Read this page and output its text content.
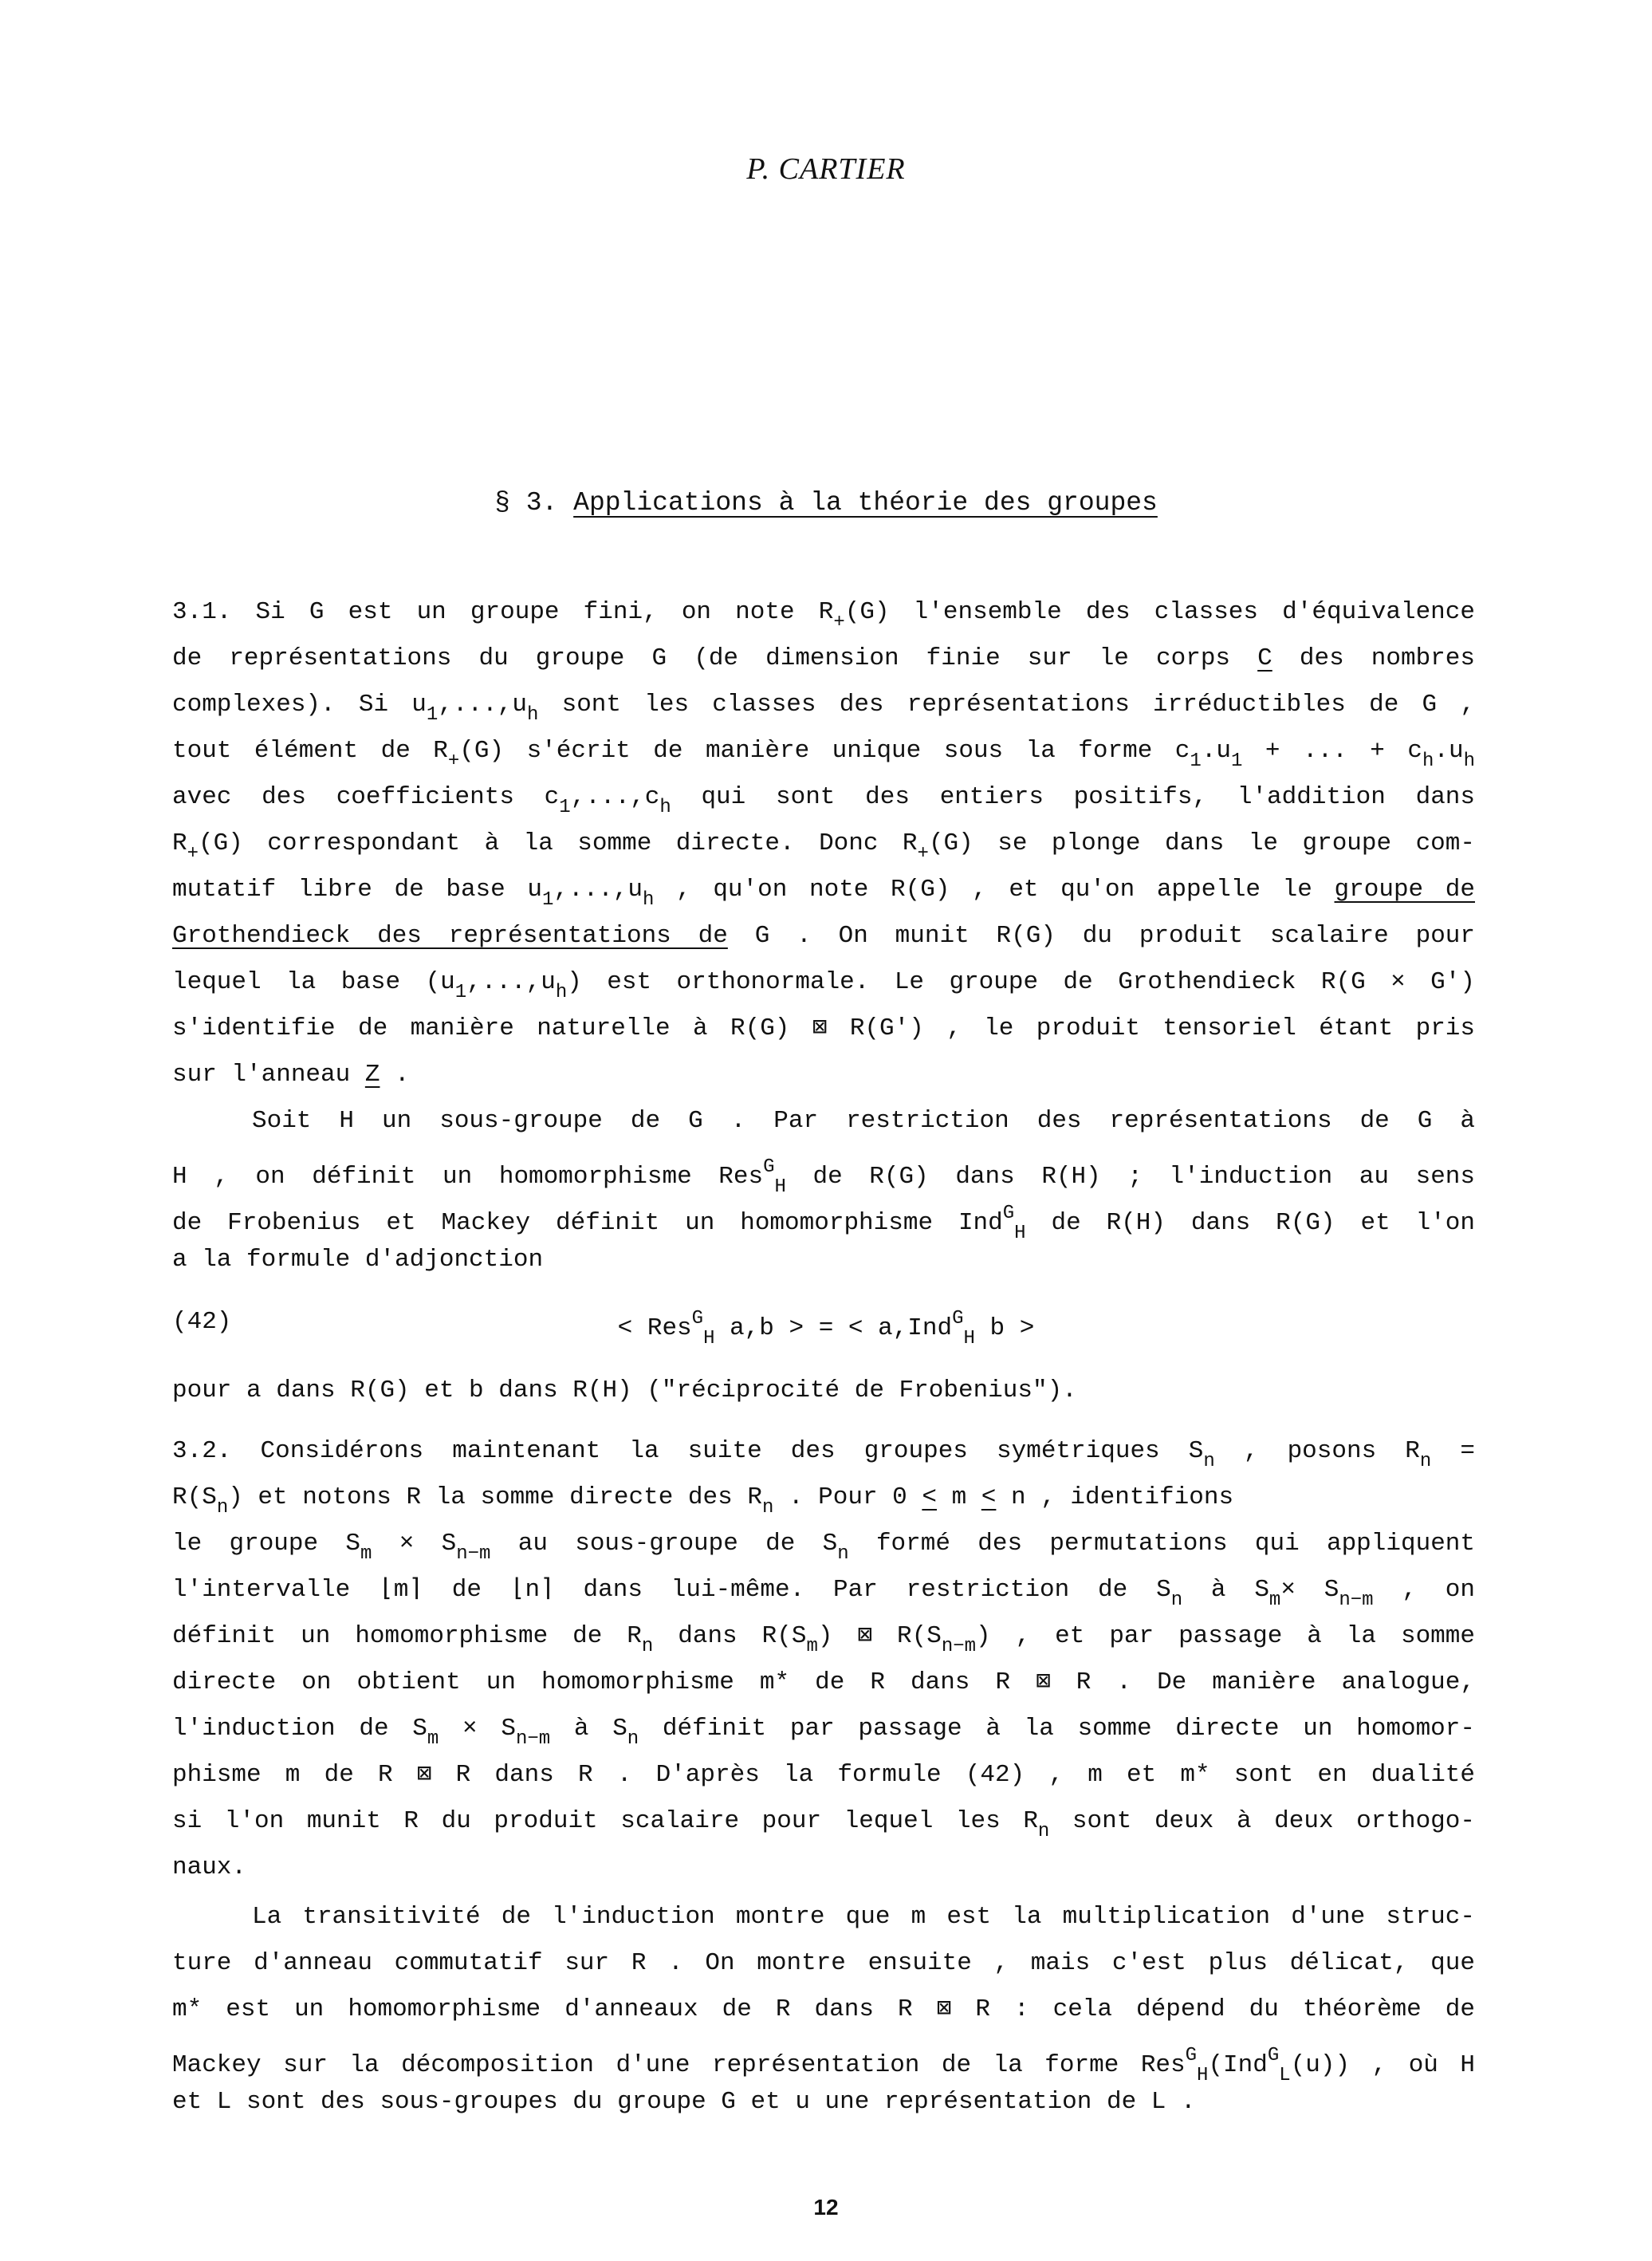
P. CARTIER
§ 3. Applications à la théorie des groupes
3.1. Si G est un groupe fini, on note $R_+(G)$ l'ensemble des classes d'équivalence
de représentations du groupe G (de dimension finie sur le corps C des nombres
complexes). Si $u_1,...,u_h$ sont les classes des représentations irréductibles de G ,
tout élément de $R_+(G)$ s'écrit de manière unique sous la forme $c_1.u_1$ + ... + $c_h.u_h$
avec des coefficients $c_1,...,c_h$ qui sont des entiers positifs, l'addition dans
$R_+(G)$ correspondant à la somme directe. Donc $R_+(G)$ se plonge dans le groupe com-
mutatif libre de base $u_1,...,u_h$ , qu'on note R(G) , et qu'on appelle le groupe de
Grothendieck des représentations de G . On munit R(G) du produit scalaire pour
lequel la base $(u_1,...,u_h)$ est orthonormale. Le groupe de Grothendieck R(G × G')
s'identifie de manière naturelle à R(G) ⊠ R(G') , le produit tensoriel étant pris
sur l'anneau Z .
Soit H un sous-groupe de G . Par restriction des représentations de G à
H , on définit un homomorphisme Res$^G_H$ de R(G) dans R(H) ; l'induction au sens
de Frobenius et Mackey définit un homomorphisme Ind$^G_H$ de R(H) dans R(G) et l'on
a la formule d'adjonction
(42)	< Res$^G_H$ a,b > = < a,Ind$^G_H$ b >
pour a dans R(G) et b dans R(H) ("réciprocité de Frobenius").
3.2. Considérons maintenant la suite des groupes symétriques $S_n$ , posons $R_n$ =
$R(S_n)$ et notons R la somme directe des $R_n$ . Pour 0 < m < n , identifions
le groupe $S_m \times S_{n-m}$ au sous-groupe de $S_n$ formé des permutations qui appliquent
l'intervalle ⌊m⌉ de ⌊n⌉ dans lui-même. Par restriction de $S_n$ à $S_m\times S_{n-m}$ , on
définit un homomorphisme de $R_n$ dans $R(S_m)$ ⊠ $R(S_{n-m})$ , et par passage à la somme
directe on obtient un homomorphisme m* de R dans R ⊠ R . De manière analogue,
l'induction de $S_m \times S_{n-m}$ à $S_n$ définit par passage à la somme directe un homomor-
phisme m de R ⊠ R dans R . D'après la formule (42) , m et m* sont en dualité
si l'on munit R du produit scalaire pour lequel les $R_n$ sont deux à deux orthogo-
naux.
La transitivité de l'induction montre que m est la multiplication d'une struc-
ture d'anneau commutatif sur R . On montre ensuite , mais c'est plus délicat, que
m* est un homomorphisme d'anneaux de R dans R ⊠ R : cela dépend du théorème de
Mackey sur la décomposition d'une représentation de la forme Res$^G_H$(Ind$^G_L$(u)) , où H
et L sont des sous-groupes du groupe G et u une représentation de L .
12
